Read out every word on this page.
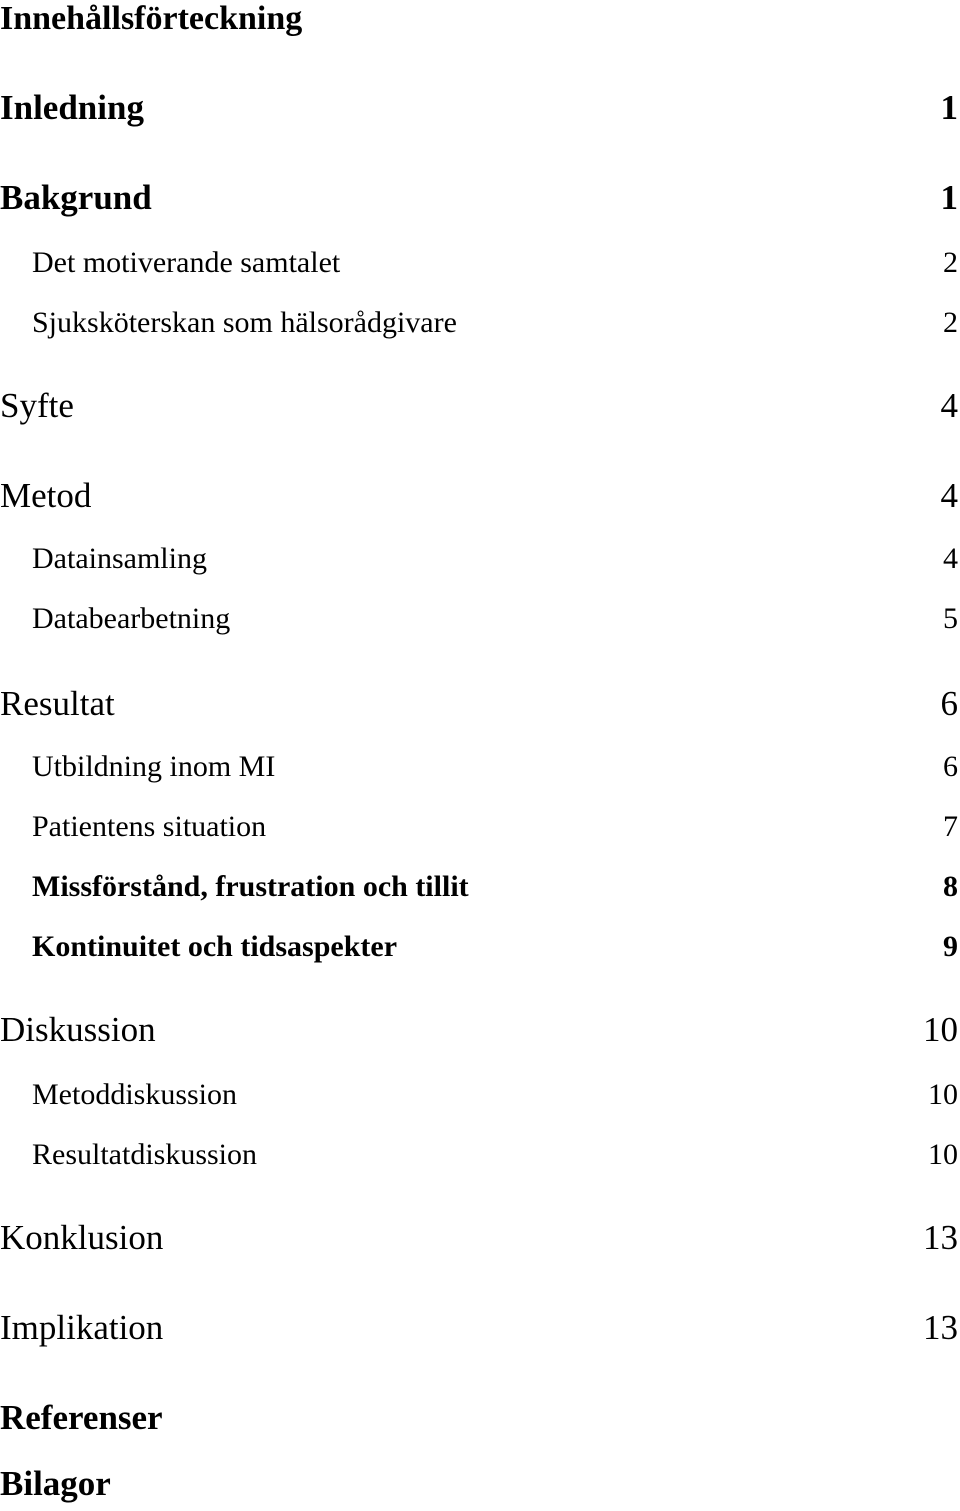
Innehållsförteckning
Inledning	1
Bakgrund	1
Det motiverande samtalet	2
Sjuksköterskan som hälsorådgivare	2
Syfte	4
Metod	4
Datainsamling	4
Databearbetning	5
Resultat	6
Utbildning inom MI	6
Patientens situation	7
Missförstånd, frustration och tillit	8
Kontinuitet och tidsaspekter	9
Diskussion	10
Metoddiskussion	10
Resultatdiskussion	10
Konklusion	13
Implikation	13
Referenser
Bilagor
